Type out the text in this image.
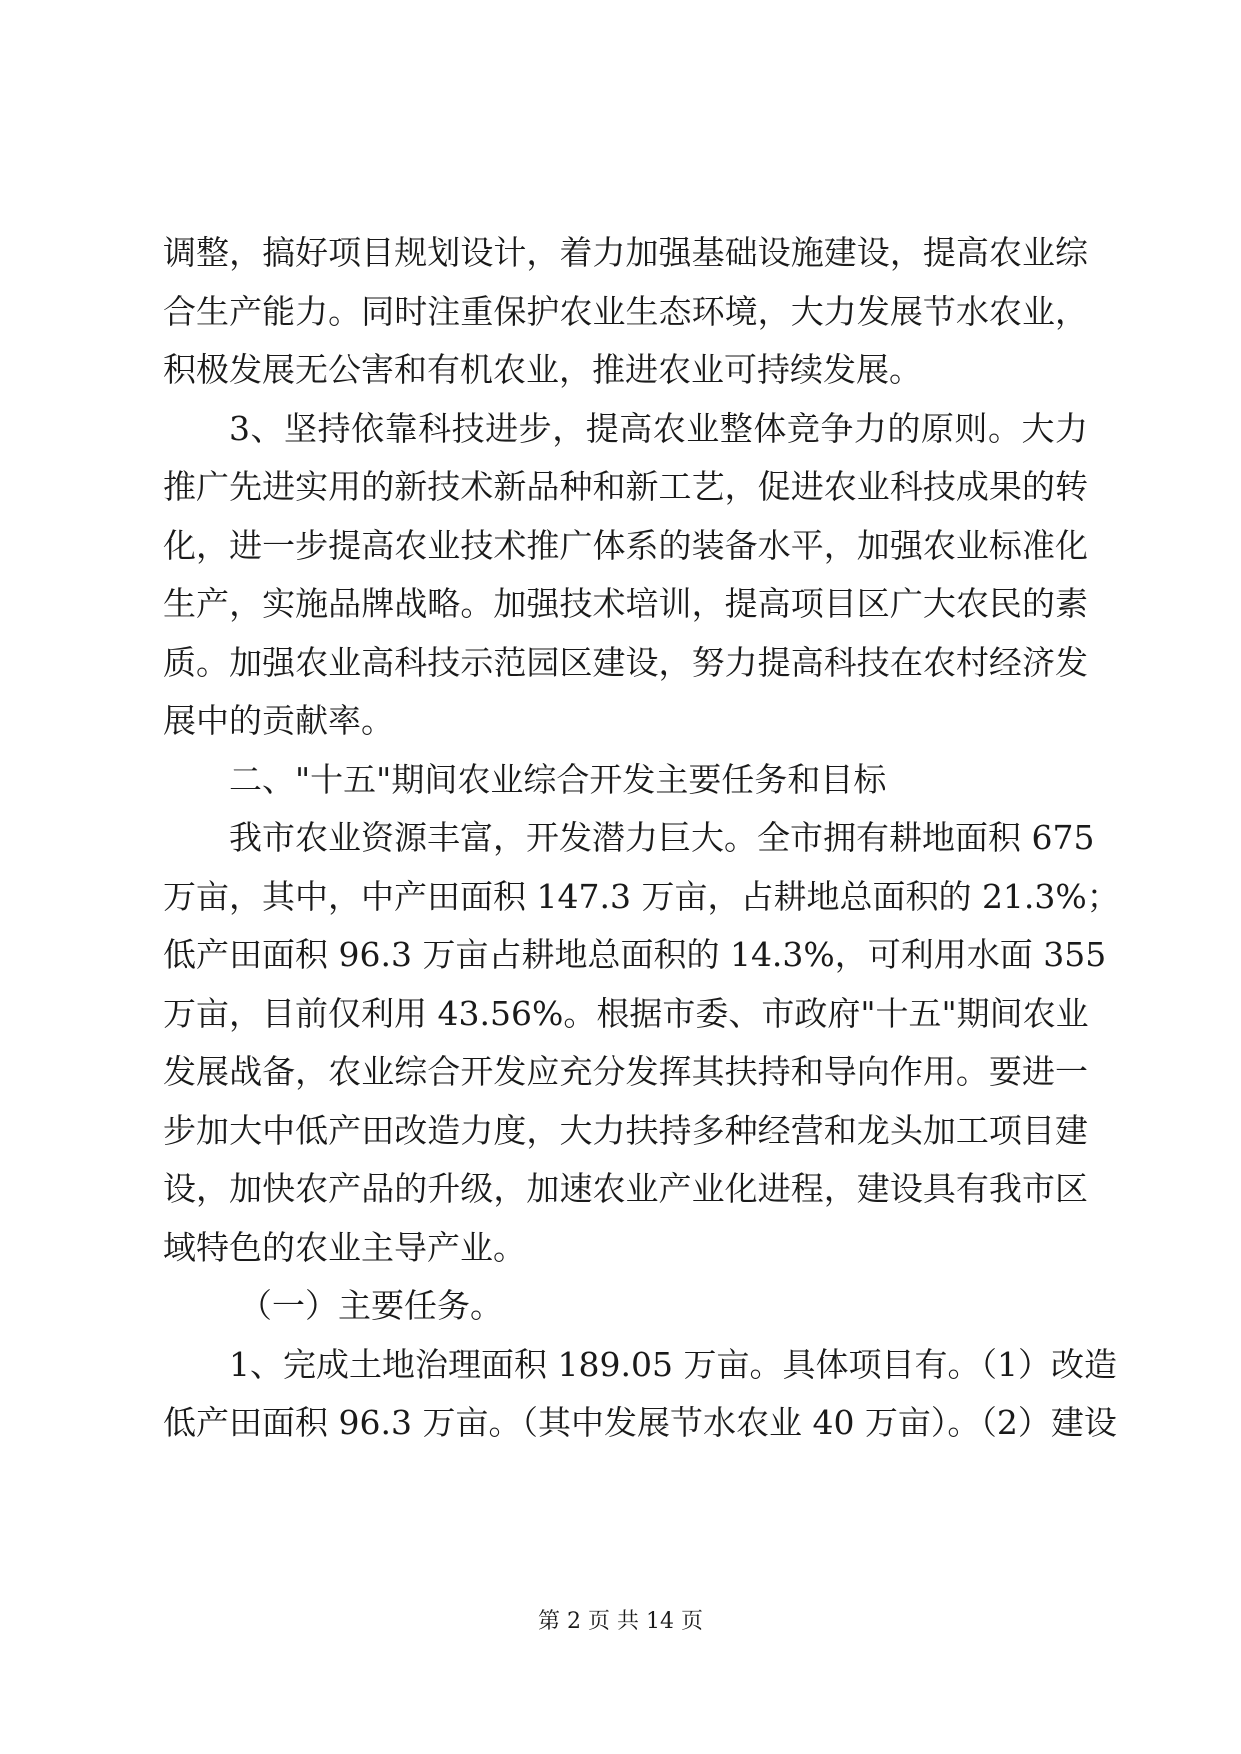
调整，搞好项目规划设计，着力加强基础设施建设，提高农业综
合生产能力。同时注重保护农业生态环境，大力发展节水农业，
积极发展无公害和有机农业，推进农业可持续发展。
3、坚持依靠科技进步，提高农业整体竞争力的原则。大力
推广先进实用的新技术新品种和新工艺，促进农业科技成果的转
化，进一步提高农业技术推广体系的装备水平，加强农业标准化
生产，实施品牌战略。加强技术培训，提高项目区广大农民的素
质。加强农业高科技示范园区建设，努力提高科技在农村经济发
展中的贡献率。
二、"十五"期间农业综合开发主要任务和目标
我市农业资源丰富，开发潜力巨大。全市拥有耕地面积 675
万亩，其中，中产田面积 147.3 万亩，占耕地总面积的 21.3%；
低产田面积 96.3 万亩占耕地总面积的 14.3%，可利用水面 355
万亩，目前仅利用 43.56%。根据市委、市政府"十五"期间农业
发展战备，农业综合开发应充分发挥其扶持和导向作用。要进一
步加大中低产田改造力度，大力扶持多种经营和龙头加工项目建
设，加快农产品的升级，加速农业产业化进程，建设具有我市区
域特色的农业主导产业。
（一）主要任务。
1、完成土地治理面积 189.05 万亩。具体项目有。（1）改造
低产田面积 96.3 万亩。（其中发展节水农业 40 万亩）。（2）建设
第 2 页 共 14 页
